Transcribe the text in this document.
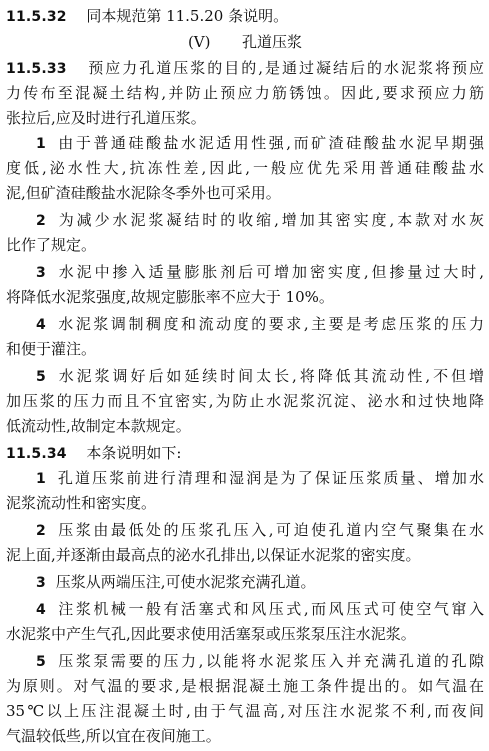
11.5.32 同本规范第 11.5.20 条说明。
(Ⅴ) 孔道压浆
11.5.33 预应力孔道压浆的目的,是通过凝结后的水泥浆将预应
力传布至混凝土结构,并防止预应力筋锈蚀。因此,要求预应力筋
张拉后,应及时进行孔道压浆。
1 由于普通硅酸盐水泥适用性强,而矿渣硅酸盐水泥早期强
度低,泌水性大,抗冻性差,因此,一般应优先采用普通硅酸盐水
泥,但矿渣硅酸盐水泥除冬季外也可采用。
2 为减少水泥浆凝结时的收缩,增加其密实度,本款对水灰
比作了规定。
3 水泥中掺入适量膨胀剂后可增加密实度,但掺量过大时,
将降低水泥浆强度,故规定膨胀率不应大于 10%。
4 水泥浆调制稠度和流动度的要求,主要是考虑压浆的压力
和便于灌注。
5 水泥浆调好后如延续时间太长,将降低其流动性,不但增
加压浆的压力而且不宜密实,为防止水泥浆沉淀、泌水和过快地降
低流动性,故制定本款规定。
11.5.34 本条说明如下:
1 孔道压浆前进行清理和湿润是为了保证压浆质量、增加水
泥浆流动性和密实度。
2 压浆由最低处的压浆孔压入,可迫使孔道内空气聚集在水
泥上面,并逐渐由最高点的泌水孔排出,以保证水泥浆的密实度。
3 压浆从两端压注,可使水泥浆充满孔道。
4 注浆机械一般有活塞式和风压式,而风压式可使空气窜入
水泥浆中产生气孔,因此要求使用活塞泵或压浆泵压注水泥浆。
5 压浆泵需要的压力,以能将水泥浆压入并充满孔道的孔隙
为原则。对气温的要求,是根据混凝土施工条件提出的。如气温在
35℃以上压注混凝土时,由于气温高,对压注水泥浆不利,而夜间
气温较低些,所以宜在夜间施工。
